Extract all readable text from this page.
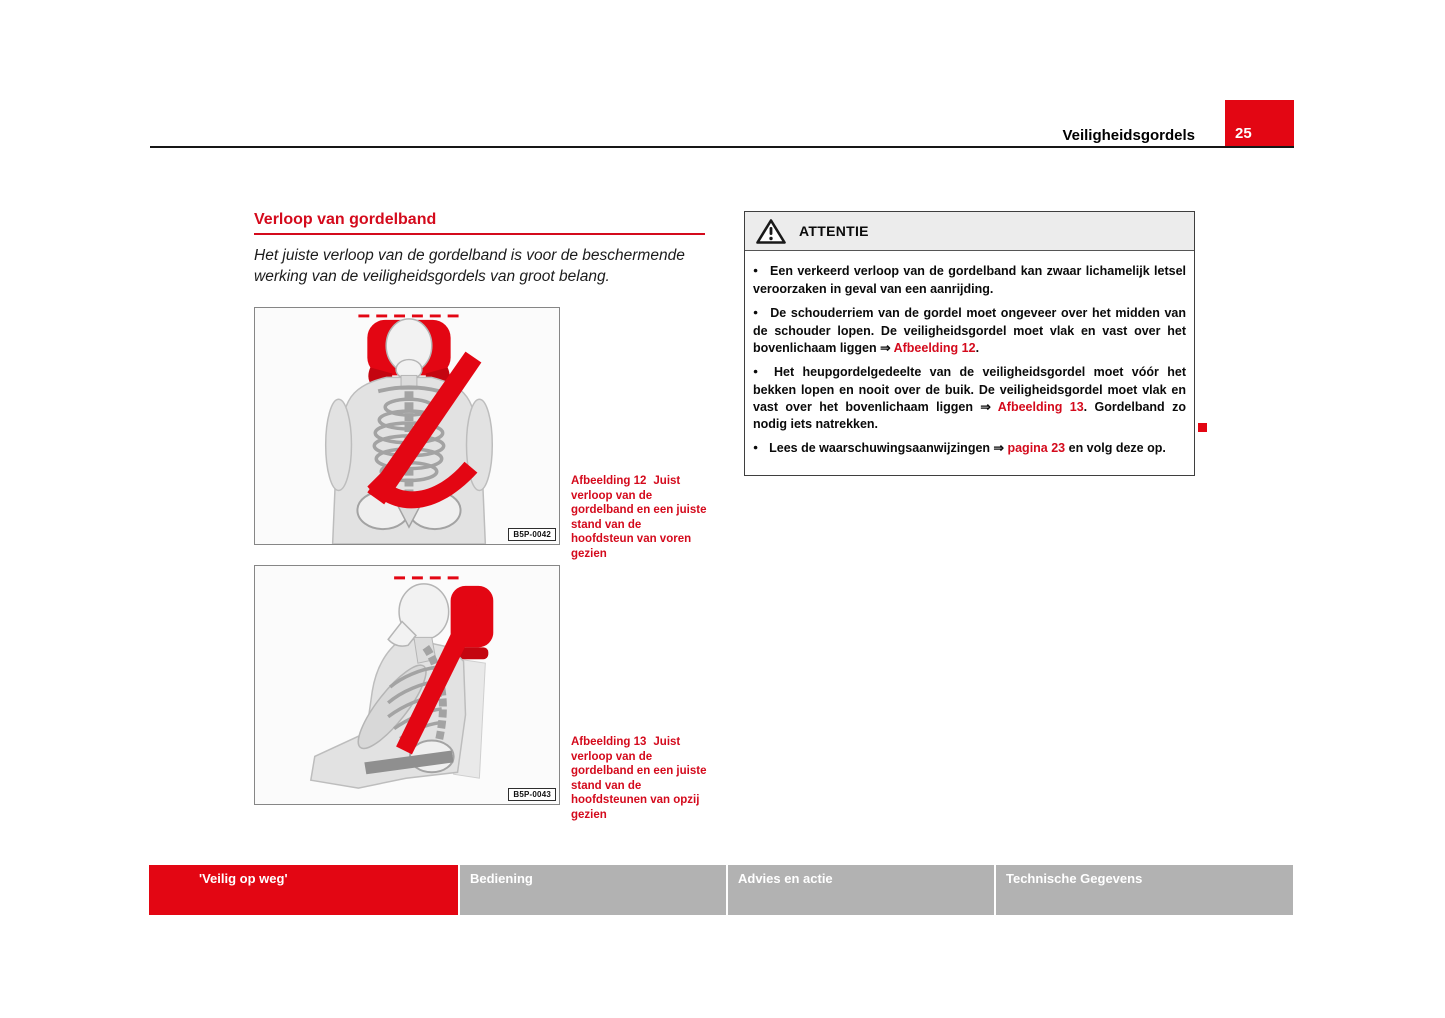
Veiligheidsgordels	25
Verloop van gordelband

Het juiste verloop van de gordelband is voor de beschermende werking van de veiligheidsgordels van groot belang.

B5P-0042

Afbeelding 12 Juist verloop van de gordelband en een juiste stand van de hoofdsteun van voren gezien

B5P-0043

Afbeelding 13 Juist verloop van de gordelband en een juiste stand van de hoofdsteunen van opzij gezien

ATTENTIE

● Een verkeerd verloop van de gordelband kan zwaar lichamelijk letsel veroorzaken in geval van een aanrijding.

● De schouderriem van de gordel moet ongeveer over het midden van de schouder lopen. De veiligheidsgordel moet vlak en vast over het bovenlichaam liggen ⇒ Afbeelding 12.

● Het heupgordelgedeelte van de veiligheidsgordel moet vóór het bekken lopen en nooit over de buik. De veiligheidsgordel moet vlak en vast over het bovenlichaam liggen ⇒ Afbeelding 13. Gordelband zo nodig iets natrekken.

● Lees de waarschuwingsaanwijzingen ⇒ pagina 23 en volg deze op.

'Veilig op weg'	Bediening	Advies en actie	Technische Gegevens
